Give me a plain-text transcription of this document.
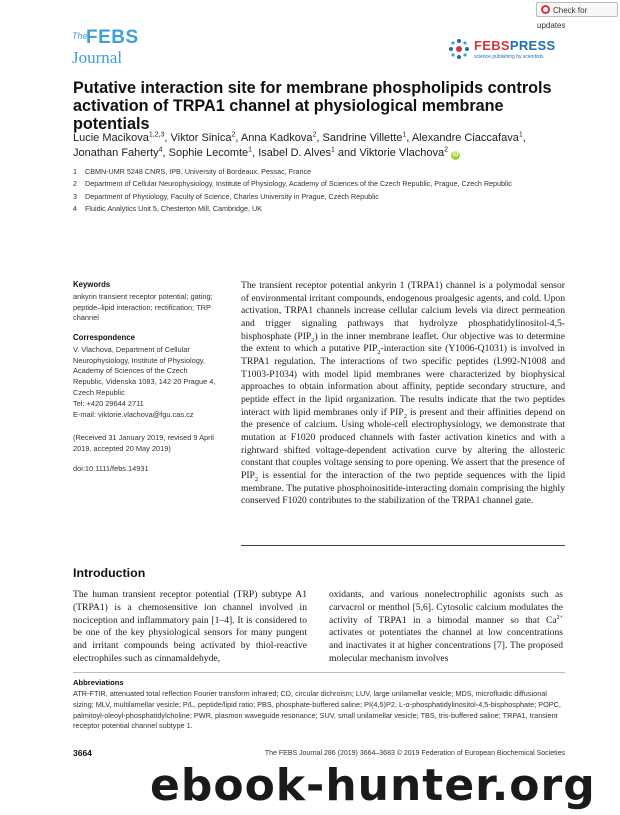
Check for updates
The
FEBS
Journal
FEBSPRESS
science publishing by scientists
Putative interaction site for membrane phospholipids controls activation of TRPA1 channel at physiological membrane potentials

Lucie Macikova$^{1,2,3}$, Viktor Sinica$^2$, Anna Kadkova$^2$, Sandrine Villette$^1$, Alexandre Ciaccafava$^1$,
Jonathan Faherty$^4$, Sophie Lecomte$^1$, Isabel D. Alves$^1$ and Viktorie Vlachova$^2$iD

1 CBMN-UMR 5248 CNRS, IPB, University of Bordeaux, Pessac, France
2 Department of Cellular Neurophysiology, Institute of Physiology, Academy of Sciences of the Czech Republic, Prague, Czech Republic
3 Department of Physiology, Faculty of Science, Charles University in Prague, Czech Republic
4 Fluidic Analytics Unit 5, Chesterton Mill, Cambridge, UK
Keywords

ankyrin transient receptor potential; gating; peptide–lipid interaction; rectification; TRP channel

Correspondence

V. Vlachova, Department of Cellular

Neurophysiology, Institute of Physiology,

Academy of Sciences of the Czech

Republic, Videnska 1083, 142 20 Prague 4,

Czech Republic

Tel: +420 29644 2711

E-mail: viktorie.vlachova@fgu.cas.cz

(Received 31 January 2019, revised 9 April

2019, accepted 20 May 2019)

doi:10.1111/febs.14931

The transient receptor potential ankyrin 1 (TRPA1) channel is a polymodal sensor of environmental irritant compounds, endogenous proalgesic agents, and cold. Upon activation, TRPA1 channels increase cellular calcium levels via direct permeation and trigger signaling pathways that hydrolyze phosphatidylinositol-4,5-bisphosphate $(PIP_2)$ in the inner membrane leaflet. Our objective was to determine the extent to which a putative $PIP_2$-interaction site (Y1006-Q1031) is involved in TRPA1 regulation. The interactions of two specific peptides (L992-N1008 and T1003-P1034) with model lipid membranes were characterized by biophysical approaches to obtain information about affinity, peptide secondary structure, and peptide effect in the lipid organization. The results indicate that the two peptides interact with lipid membranes only if $PIP_2$ is present and their affinities depend on the presence of calcium. Using whole-cell electrophysiology, we demonstrate that mutation at F1020 produced channels with faster activation kinetics and with a rightward shifted voltage-dependent activation curve by altering the allosteric constant that couples voltage sensing to pore opening. We assert that the presence of $PIP_2$ is essential for the interaction of the two peptide sequences with the lipid membrane. The putative phosphoinositide-interacting domain comprising the highly conserved F1020 contributes to the stabilization of the TRPA1 channel gate.

Introduction

The human transient receptor potential (TRP) subtype A1 (TRPA1) is a chemosensitive ion channel involved in nociception and inflammatory pain [1–4]. It is considered to be one of the key physiological sensors for many pungent and irritant compounds being activated by thiol-reactive electrophiles such as cinnamaldehyde,

oxidants, and various nonelectrophilic agonists such as carvacrol or menthol [5,6]. Cytosolic calcium modulates the activity of TRPA1 in a bimodal manner so that $Ca^{2+}$ activates or potentiates the channel at low concentrations and inactivates it at higher concentrations [7]. The proposed molecular mechanism involves

Abbreviations

ATR-FTIR, attenuated total reflection Fourier transform infrared; CD, circular dichroism; LUV, large unilamellar vesicle; MDS, microfluidic diffusional sizing; MLV, multilamellar vesicle; P/L, peptide/lipid ratio; PBS, phosphate-buffered saline; PI(4,5)P2, L-α-phosphatidylinositol-4,5-bisphosphate; POPC, palmitoyl-oleoyl-phosphatidylcholine; PWR, plasmon waveguide resonance; SUV, small unilamellar vesicle; TBS, tris-buffered saline; TRPA1, transient receptor potential channel subtype 1.

3664	The FEBS Journal 286 (2019) 3664–3683 © 2019 Federation of European Biochemical Societies
ebook-hunter.org
